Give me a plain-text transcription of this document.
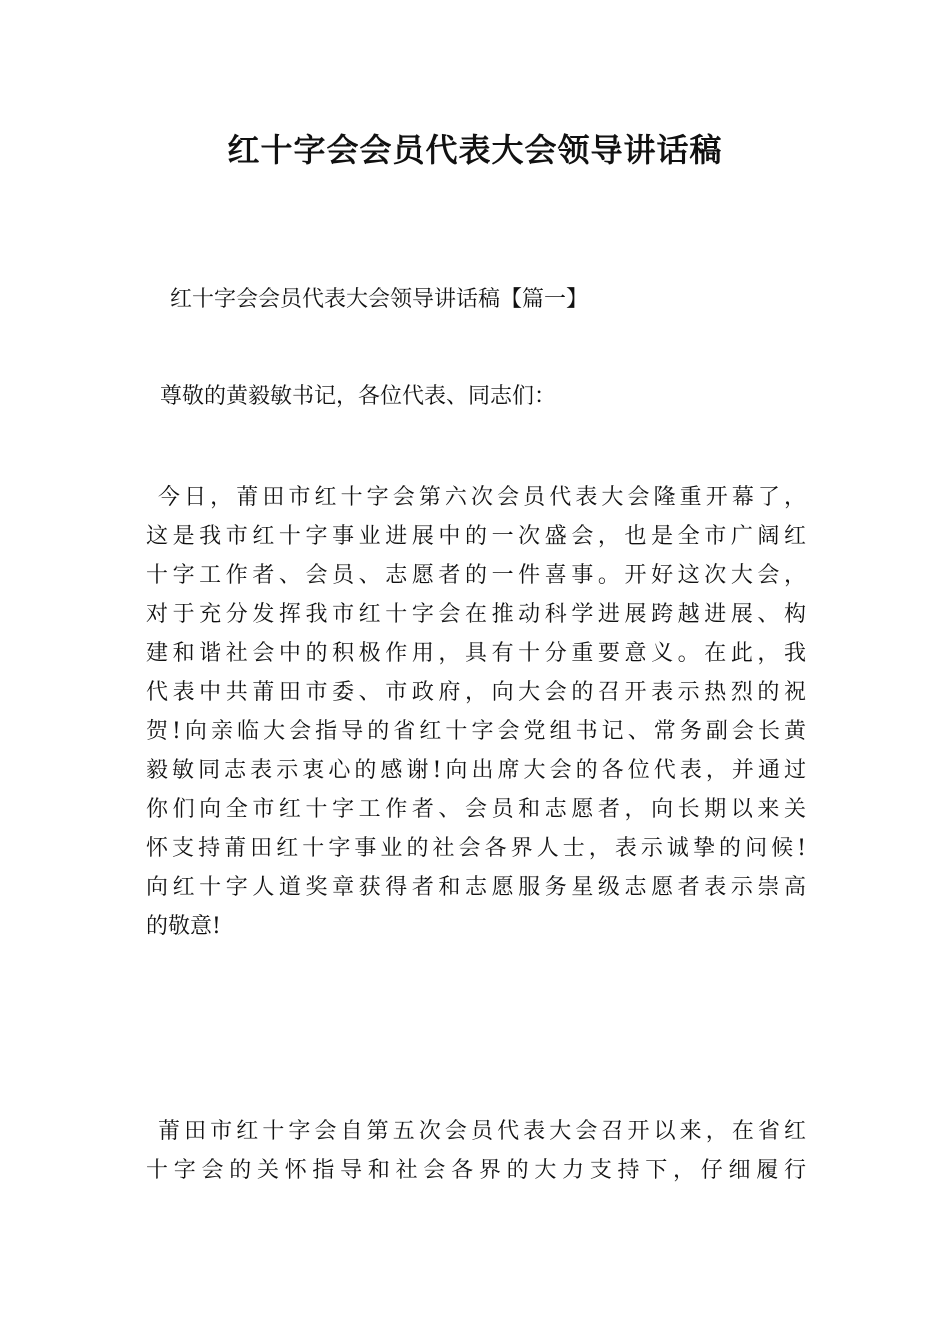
红十字会会员代表大会领导讲话稿

红十字会会员代表大会领导讲话稿【篇一】

尊敬的黄毅敏书记，各位代表、同志们：

今日，莆田市红十字会第六次会员代表大会隆重开幕了，
这是我市红十字事业进展中的一次盛会，也是全市广阔红
十字工作者、会员、志愿者的一件喜事。开好这次大会，
对于充分发挥我市红十字会在推动科学进展跨越进展、构
建和谐社会中的积极作用，具有十分重要意义。在此，我
代表中共莆田市委、市政府，向大会的召开表示热烈的祝
贺!向亲临大会指导的省红十字会党组书记、常务副会长黄
毅敏同志表示衷心的感谢!向出席大会的各位代表，并通过
你们向全市红十字工作者、会员和志愿者，向长期以来关
怀支持莆田红十字事业的社会各界人士，表示诚挚的问候!
向红十字人道奖章获得者和志愿服务星级志愿者表示崇高
的敬意!
莆田市红十字会自第五次会员代表大会召开以来，在省红
十字会的关怀指导和社会各界的大力支持下，仔细履行
